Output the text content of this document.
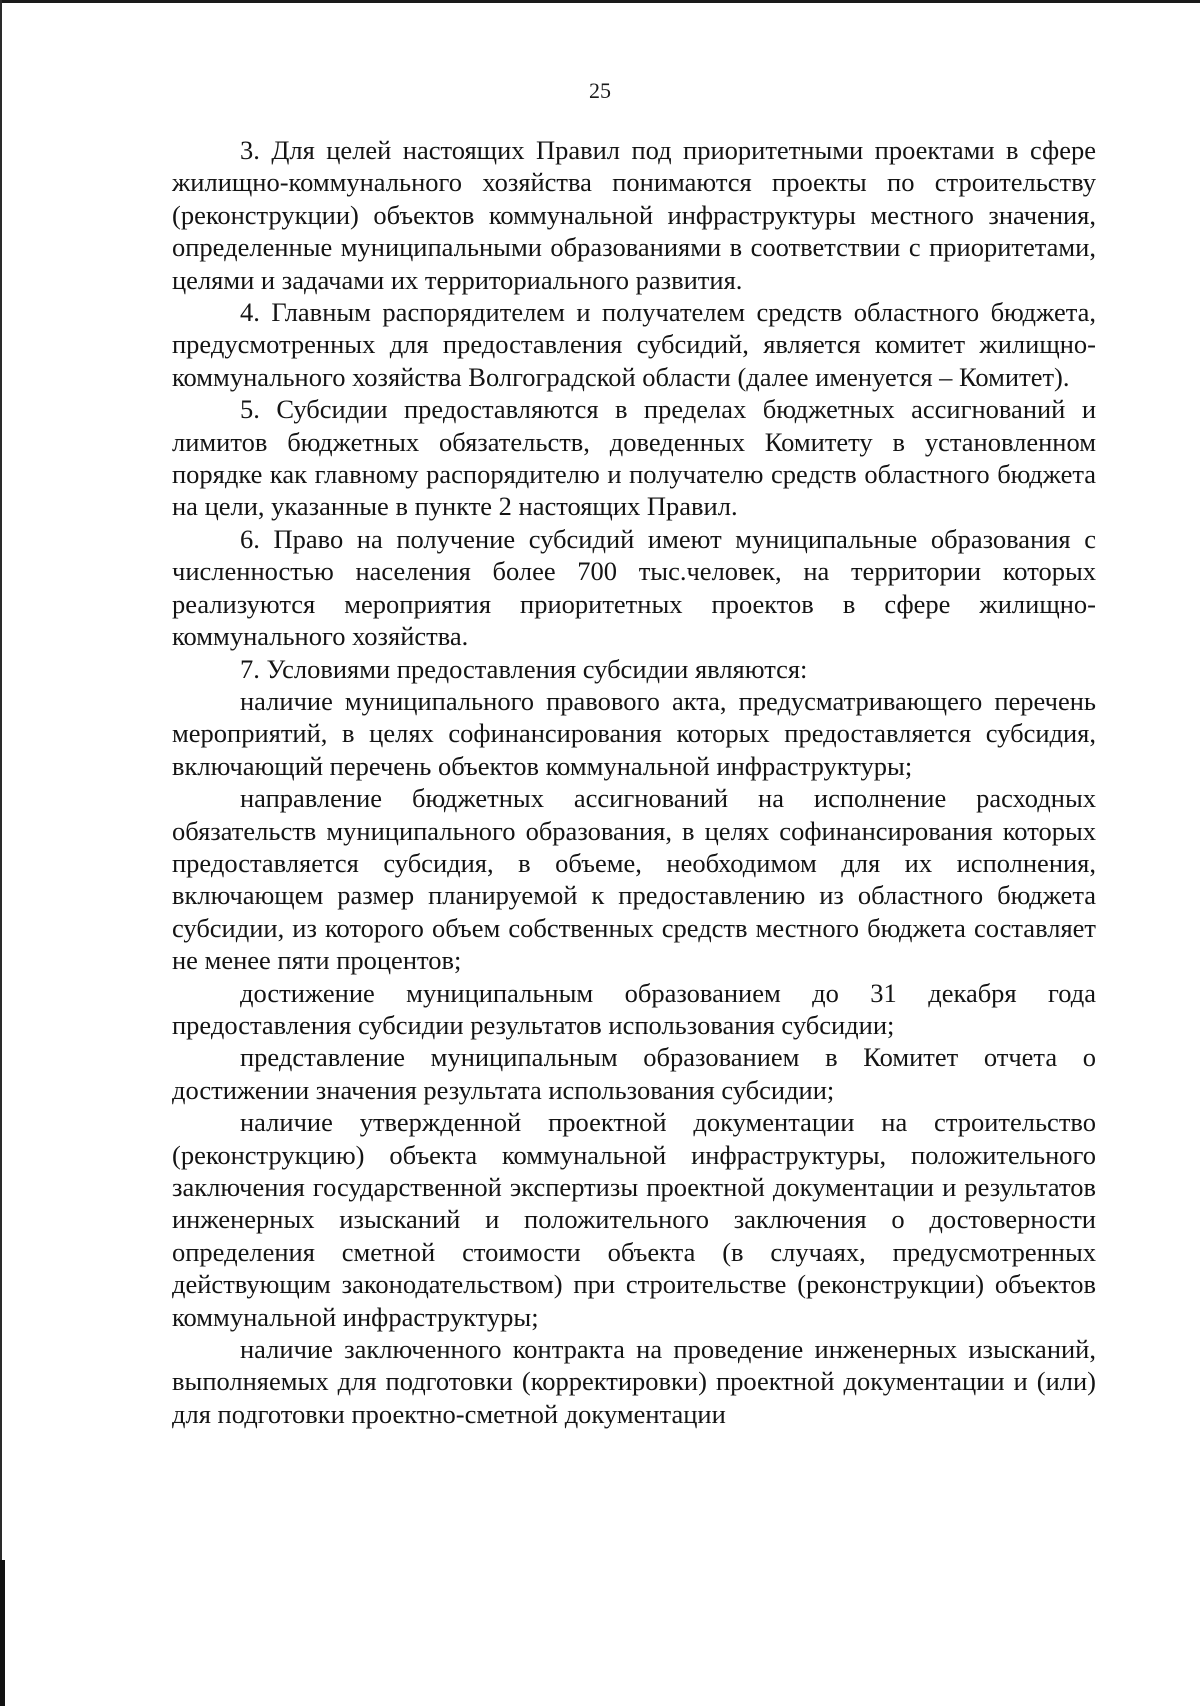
25

3. Для целей настоящих Правил под приоритетными проектами в сфере жилищно-коммунального хозяйства понимаются проекты по строительству (реконструкции) объектов коммунальной инфраструктуры местного значения, определенные муниципальными образованиями в соответствии с приоритетами, целями и задачами их территориального развития.

4. Главным распорядителем и получателем средств областного бюджета, предусмотренных для предоставления субсидий, является комитет жилищно-коммунального хозяйства Волгоградской области (далее именуется – Комитет).

5. Субсидии предоставляются в пределах бюджетных ассигнований и лимитов бюджетных обязательств, доведенных Комитету в установленном порядке как главному распорядителю и получателю средств областного бюджета на цели, указанные в пункте 2 настоящих Правил.

6. Право на получение субсидий имеют муниципальные образования с численностью населения более 700 тыс.человек, на территории которых реализуются мероприятия приоритетных проектов в сфере жилищно-коммунального хозяйства.

7. Условиями предоставления субсидии являются:

наличие муниципального правового акта, предусматривающего перечень мероприятий, в целях софинансирования которых предоставляется субсидия, включающий перечень объектов коммунальной инфраструктуры;

направление бюджетных ассигнований на исполнение расходных обязательств муниципального образования, в целях софинансирования которых предоставляется субсидия, в объеме, необходимом для их исполнения, включающем размер планируемой к предоставлению из областного бюджета субсидии, из которого объем собственных средств местного бюджета составляет не менее пяти процентов;

достижение муниципальным образованием до 31 декабря года предоставления субсидии результатов использования субсидии;

представление муниципальным образованием в Комитет отчета о достижении значения результата использования субсидии;

наличие утвержденной проектной документации на строительство (реконструкцию) объекта коммунальной инфраструктуры, положительного заключения государственной экспертизы проектной документации и результатов инженерных изысканий и положительного заключения о достоверности определения сметной стоимости объекта (в случаях, предусмотренных действующим законодательством) при строительстве (реконструкции) объектов коммунальной инфраструктуры;

наличие заключенного контракта на проведение инженерных изысканий, выполняемых для подготовки (корректировки) проектной документации и (или) для подготовки проектно-сметной документации
